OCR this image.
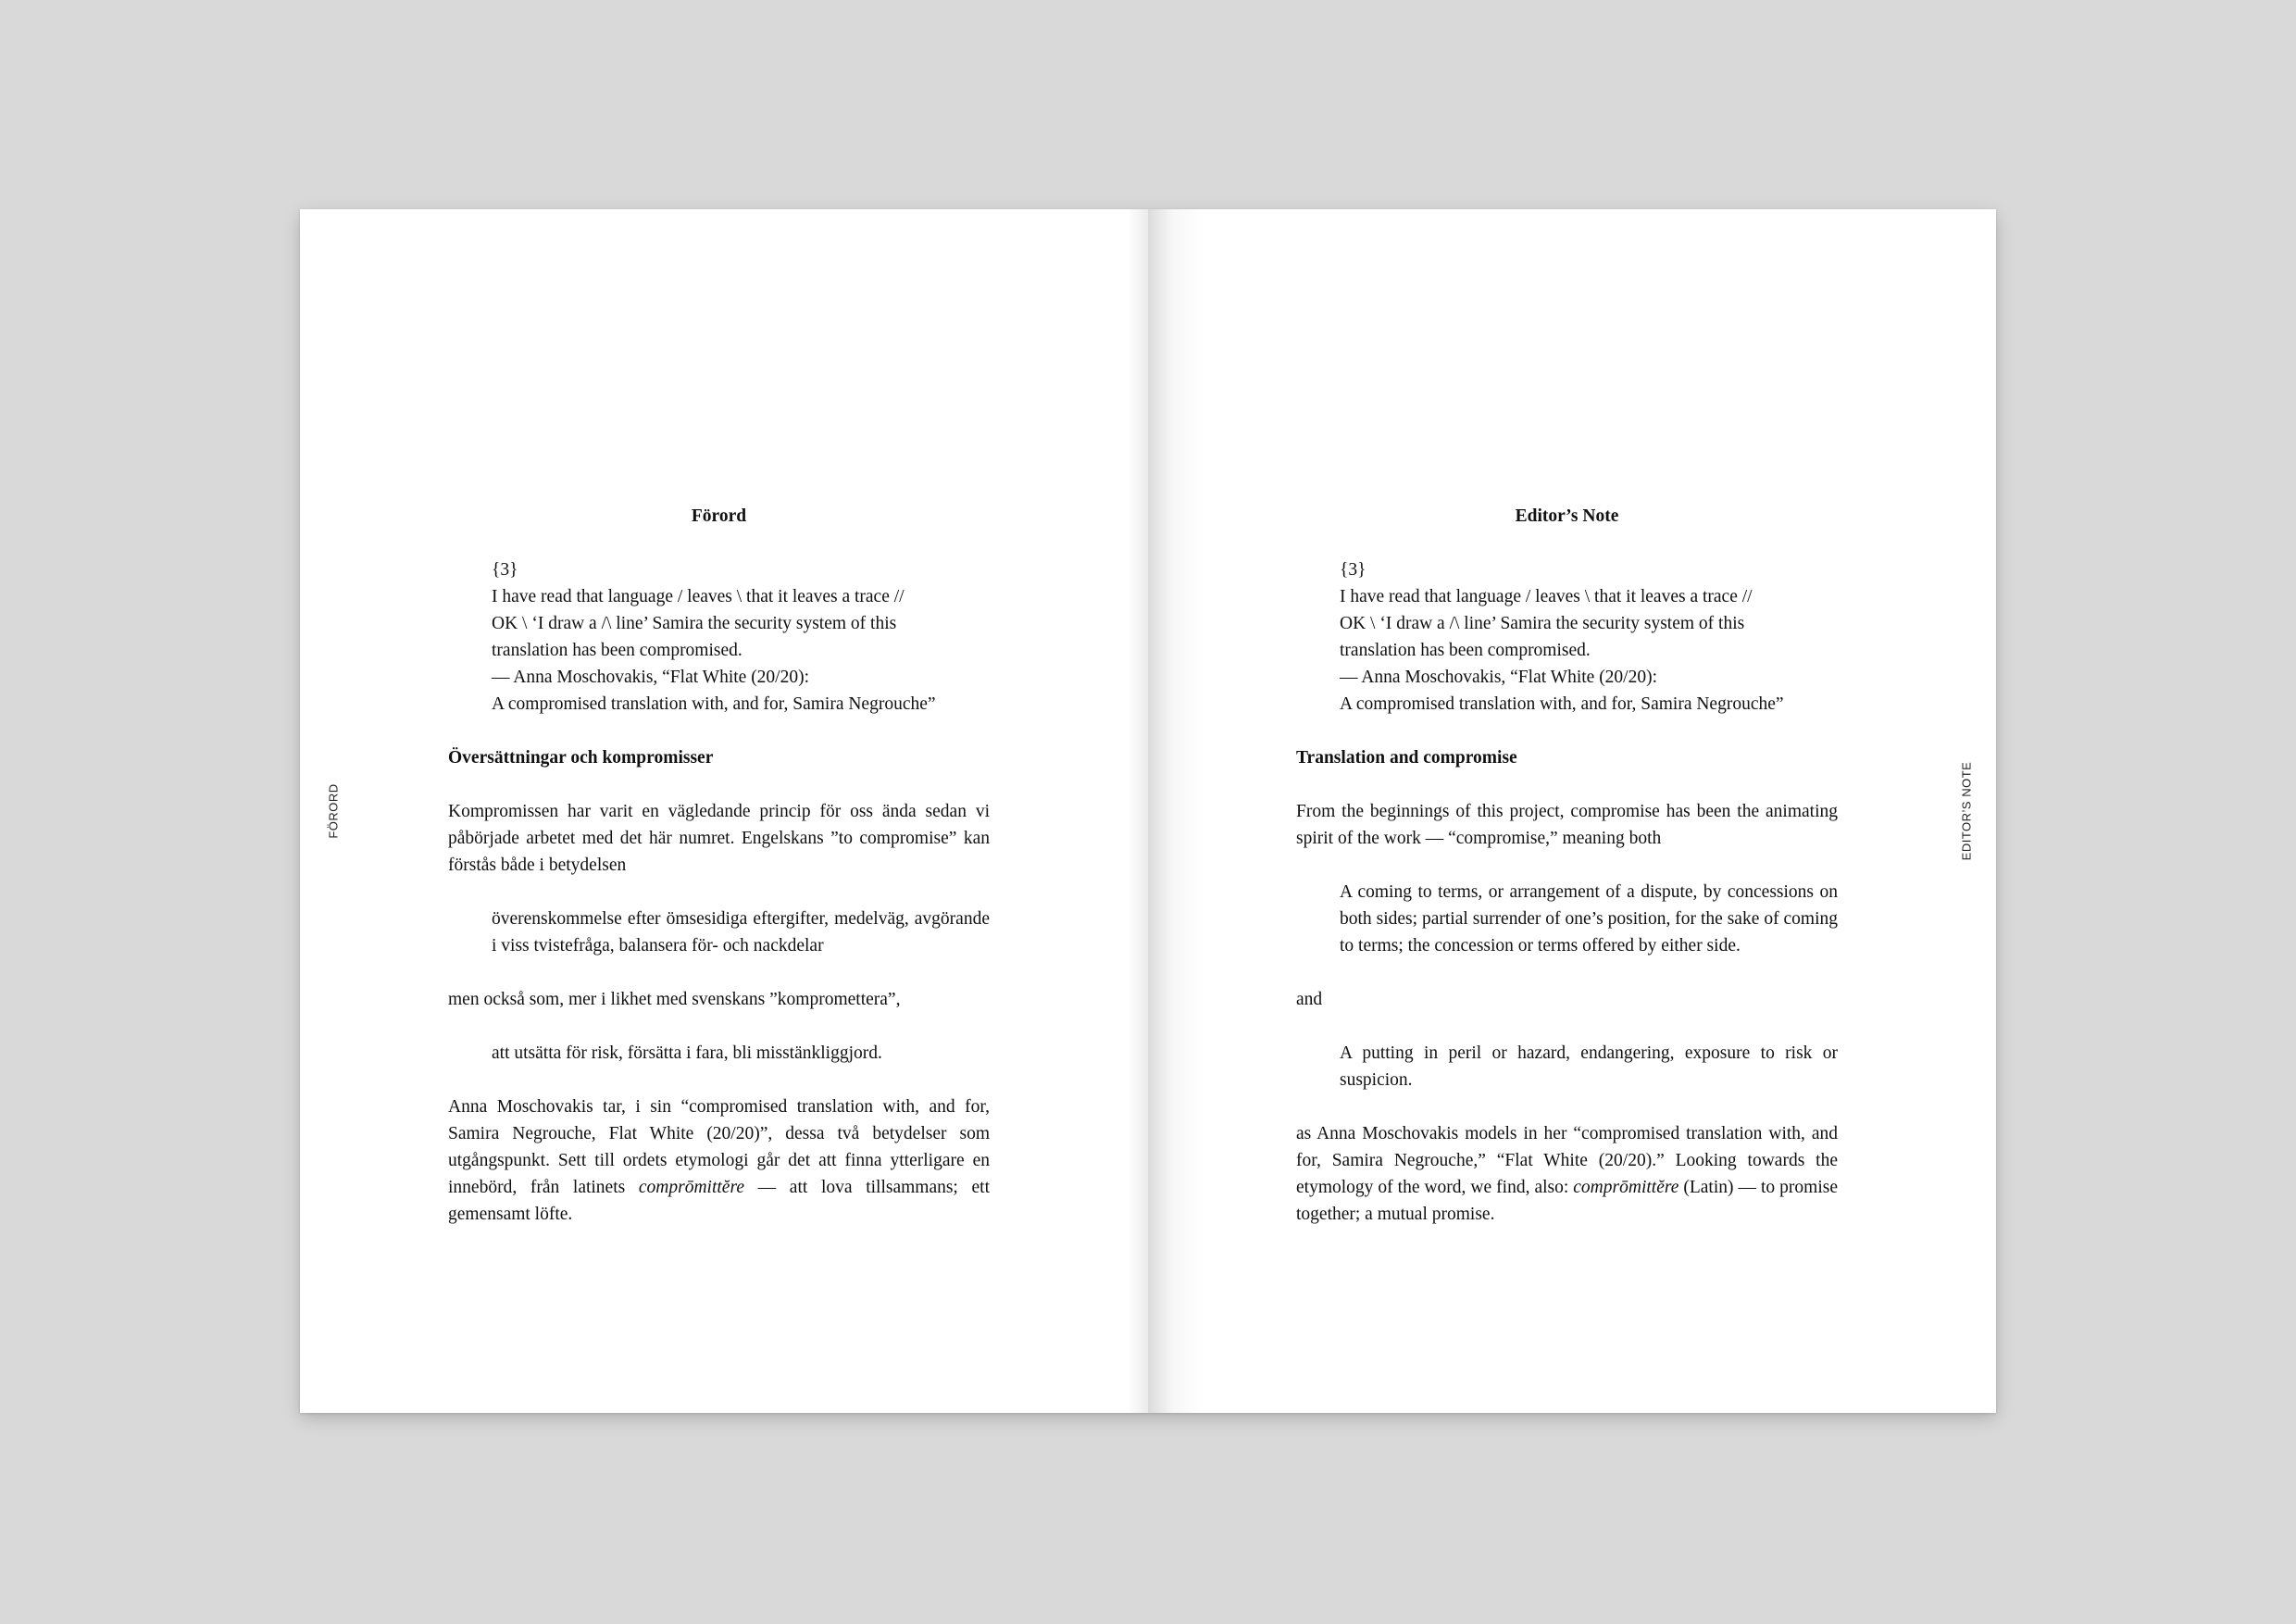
FÖRORD
Förord
{3}
I have read that language / leaves \ that it leaves a trace //
OK \ ‘I draw a /\ line’ Samira the security system of this
translation has been compromised.
— Anna Moschovakis, “Flat White (20/20):
A compromised translation with, and for, Samira Negrouche”
Översättningar och kompromisser
Kompromissen har varit en vägledande princip för oss ända sedan vi påbörjade arbetet med det här numret. Engelskans ”to compromise” kan förstås både i betydelsen
överenskommelse efter ömsesidiga eftergifter, medelväg, avgörande i viss tvistefråga, balansera för- och nackdelar
men också som, mer i likhet med svenskans ”kompromettera”,
att utsätta för risk, försätta i fara, bli misstänkliggjord.
Anna Moschovakis tar, i sin “compromised translation with, and for, Samira Negrouche, Flat White (20/20)”, dessa två betydelser som utgångspunkt. Sett till ordets etymologi går det att finna ytterligare en innebörd, från latinets comprōmittĕre — att lova tillsammans; ett gemensamt löfte.
EDITOR’S NOTE
Editor’s Note
{3}
I have read that language / leaves \ that it leaves a trace //
OK \ ‘I draw a /\ line’ Samira the security system of this
translation has been compromised.
— Anna Moschovakis, “Flat White (20/20):
A compromised translation with, and for, Samira Negrouche”
Translation and compromise
From the beginnings of this project, compromise has been the animating spirit of the work — “compromise,” meaning both
A coming to terms, or arrangement of a dispute, by concessions on both sides; partial surrender of one’s position, for the sake of coming to terms; the concession or terms offered by either side.
and
A putting in peril or hazard, endangering, exposure to risk or suspicion.
as Anna Moschovakis models in her “compromised translation with, and for, Samira Negrouche,” “Flat White (20/20).” Looking towards the etymology of the word, we find, also: comprōmittĕre (Latin) — to promise together; a mutual promise.
